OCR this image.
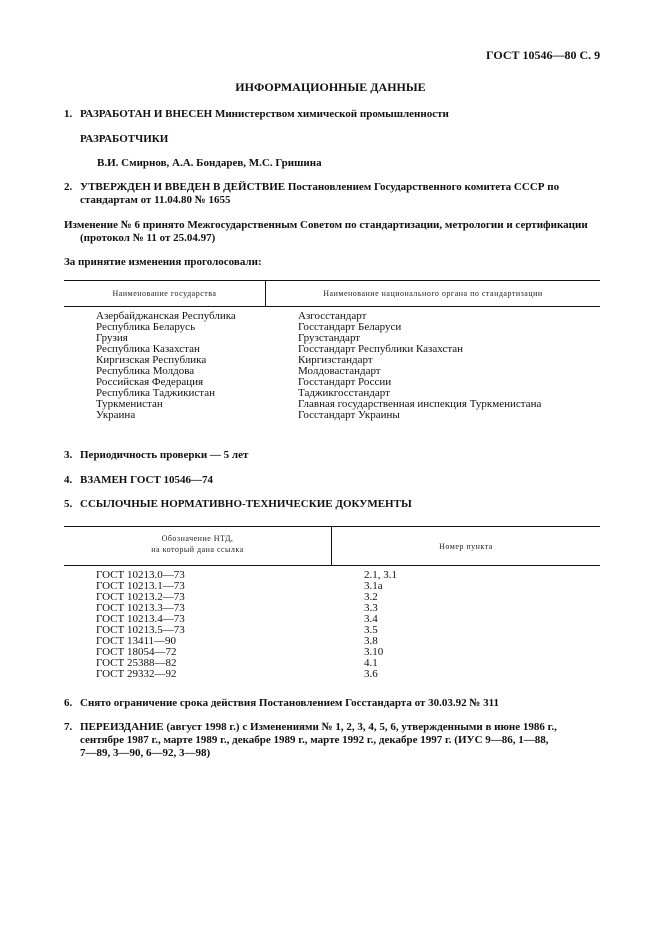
ГОСТ 10546—80 С. 9
ИНФОРМАЦИОННЫЕ ДАННЫЕ
1. РАЗРАБОТАН И ВНЕСЕН Министерством химической промышленности
РАЗРАБОТЧИКИ
В.И. Смирнов, А.А. Бондарев, М.С. Гришина
2. УТВЕРЖДЕН И ВВЕДЕН В ДЕЙСТВИЕ Постановлением Государственного комитета СССР по
стандартам от 11.04.80 № 1655
Изменение № 6 принято Межгосударственным Советом по стандартизации, метрологии и сертификации
(протокол № 11 от 25.04.97)
За принятие изменения проголосовали:
Наименование государства	Наименование национального органа по стандартизации
Азербайджанская Республика
Республика Беларусь
Грузия
Республика Казахстан
Киргизская Республика
Республика Молдова
Российская Федерация
Республика Таджикистан
Туркменистан
Украина
Азгосстандарт
Госстандарт Беларуси
Грузстандарт
Госстандарт Республики Казахстан
Киргизстандарт
Молдовастандарт
Госстандарт России
Таджикгосстандарт
Главная государственная инспекция Туркменистана
Госстандарт Украины
3. Периодичность проверки — 5 лет
4. ВЗАМЕН ГОСТ 10546—74
5. ССЫЛОЧНЫЕ НОРМАТИВНО-ТЕХНИЧЕСКИЕ ДОКУМЕНТЫ
Обозначение НТД,
на который дана ссылка	Номер пункта
ГОСТ 10213.0—73
ГОСТ 10213.1—73
ГОСТ 10213.2—73
ГОСТ 10213.3—73
ГОСТ 10213.4—73
ГОСТ 10213.5—73
ГОСТ 13411—90
ГОСТ 18054—72
ГОСТ 25388—82
ГОСТ 29332—92
2.1, 3.1
3.1а
3.2
3.3
3.4
3.5
3.8
3.10
4.1
3.6
6. Снято ограничение срока действия Постановлением Госстандарта от 30.03.92 № 311
7. ПЕРЕИЗДАНИЕ (август 1998 г.) с Изменениями № 1, 2, 3, 4, 5, 6, утвержденными в июне 1986 г.,
сентябре 1987 г., марте 1989 г., декабре 1989 г., марте 1992 г., декабре 1997 г. (ИУС 9—86, 1—88,
7—89, 3—90, 6—92, 3—98)
